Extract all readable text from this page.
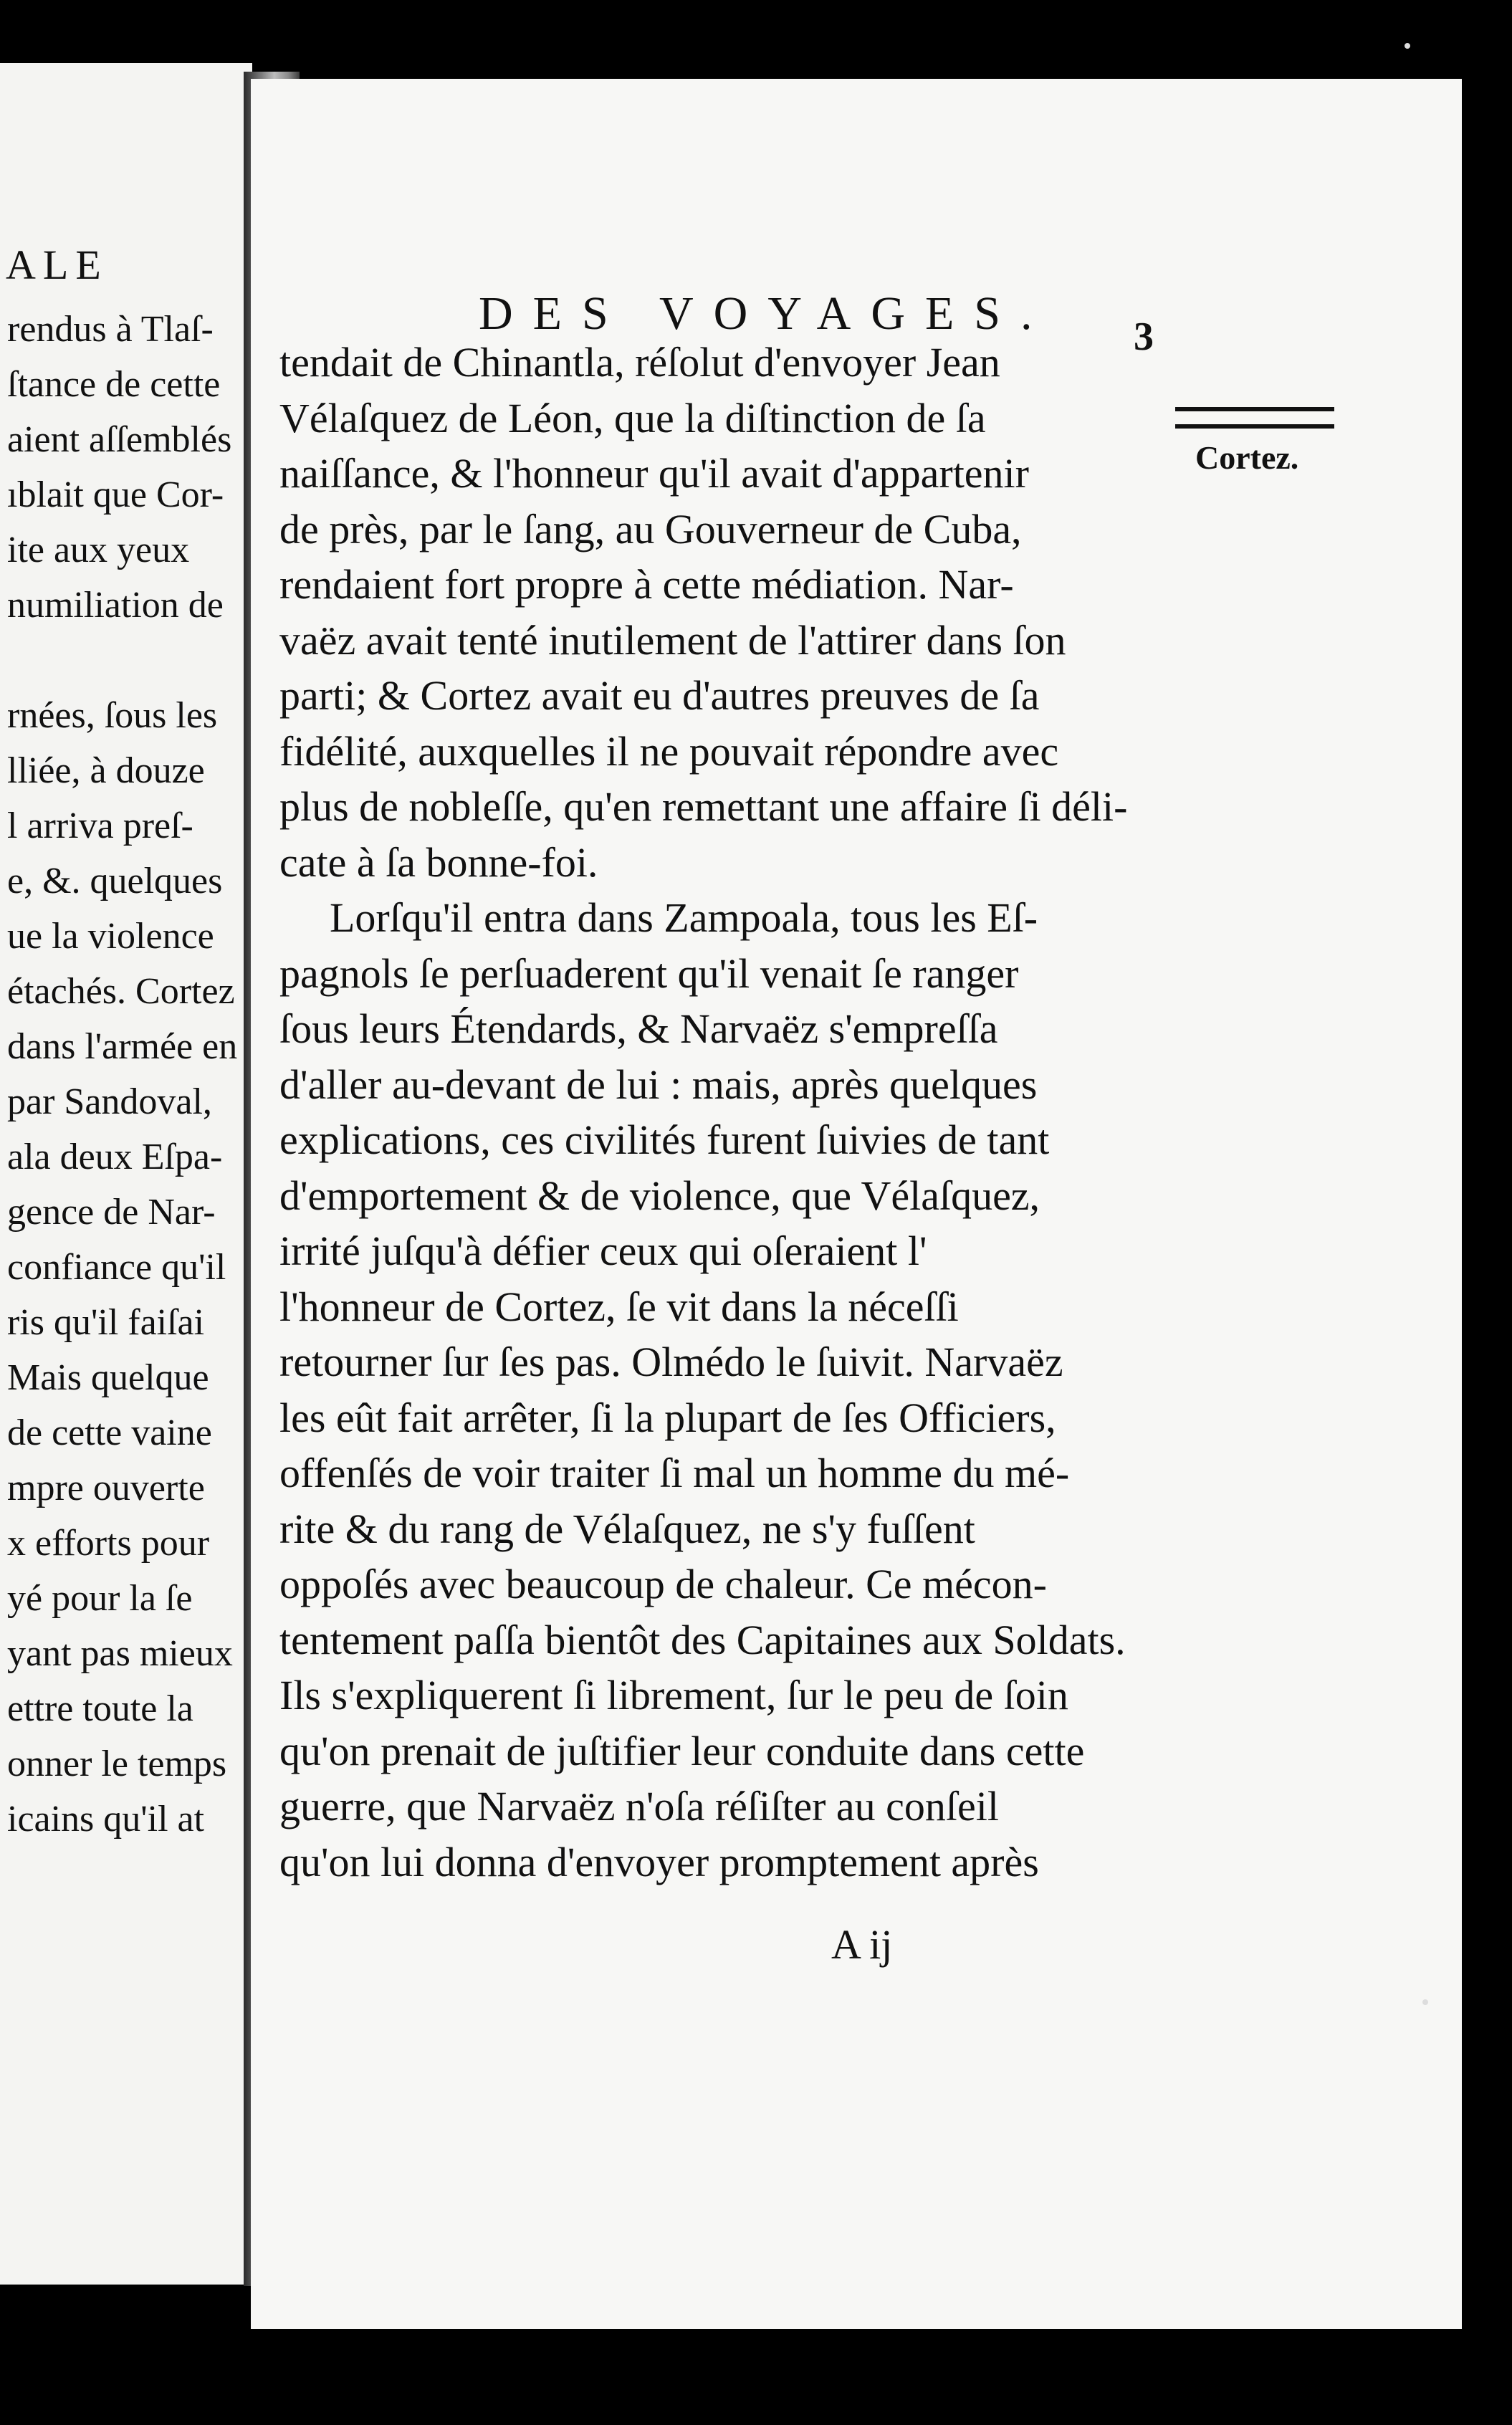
ALE
rendus à Tlaſ-
ſtance de cette
aient aſſemblés
ıblait que Cor-
ite aux yeux
numiliation de
rnées, ſous les
lliée, à douze
l arriva preſ-
e, &. quelques
ue la violence
étachés. Cortez
dans l'armée en
par Sandoval,
ala deux Eſpa-
gence de Nar-
confiance qu'il
ris qu'il faiſai
Mais quelque
de cette vaine
mpre ouverte
x efforts pour
yé pour la ſe
yant pas mieux
ettre toute la
onner le temps
icains qu'il at
DES VOYAGES. 3
Cortez.
tendait de Chinantla, réſolut d'envoyer Jean
Vélaſquez de Léon, que la diſtinction de ſa
naiſſance, & l'honneur qu'il avait d'appartenir
de près, par le ſang, au Gouverneur de Cuba,
rendaient fort propre à cette médiation. Nar-
vaëz avait tenté inutilement de l'attirer dans ſon
parti; & Cortez avait eu d'autres preuves de ſa
fidélité, auxquelles il ne pouvait répondre avec
plus de nobleſſe, qu'en remettant une affaire ſi déli-
cate à ſa bonne-foi.
Lorſqu'il entra dans Zampoala, tous les Eſ-
pagnols ſe perſuaderent qu'il venait ſe ranger
ſous leurs Étendards, & Narvaëz s'empreſſa
d'aller au-devant de lui : mais, après quelques
explications, ces civilités furent ſuivies de tant
d'emportement & de violence, que Vélaſquez,
irrité juſqu'à défier ceux qui oſeraient l'
l'honneur de Cortez, ſe vit dans la néceſſi
retourner ſur ſes pas. Olmédo le ſuivit. Narvaëz
les eût fait arrêter, ſi la plupart de ſes Officiers,
offenſés de voir traiter ſi mal un homme du mé-
rite & du rang de Vélaſquez, ne s'y fuſſent
oppoſés avec beaucoup de chaleur. Ce mécon-
tentement paſſa bientôt des Capitaines aux Soldats.
Ils s'expliquerent ſi librement, ſur le peu de ſoin
qu'on prenait de juſtifier leur conduite dans cette
guerre, que Narvaëz n'oſa réſiſter au conſeil
qu'on lui donna d'envoyer promptement après
A ij
